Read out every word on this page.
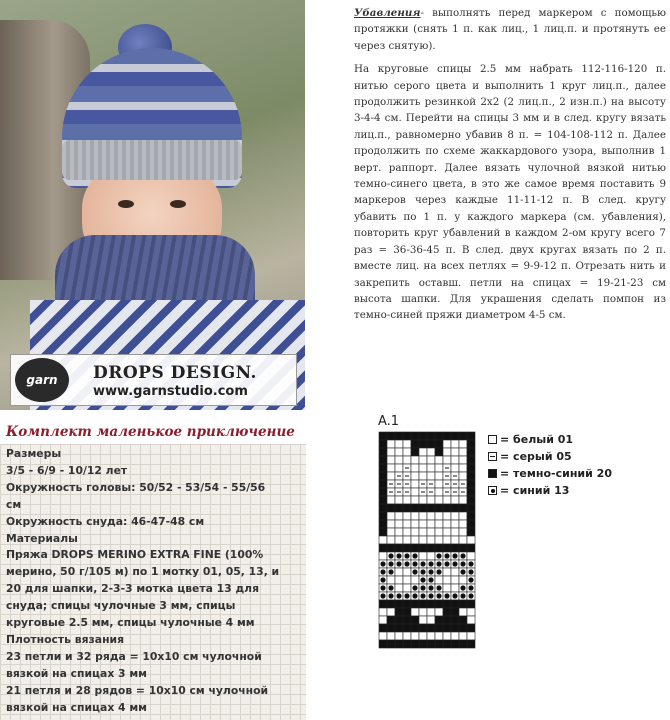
garn	DROPS DESIGN.
www.garnstudio.com

Убавления- выполнять перед маркером с помощью протяжки (снять 1 п. как лиц., 1 лиц.п. и протянуть ее через снятую).

На круговые спицы 2.5 мм набрать 112-116-120 п. нитью серого цвета и выполнить 1 круг лиц.п., далее продолжить резинкой 2х2 (2 лиц.п., 2 изн.п.) на высоту 3-4-4 см. Перейти на спицы 3 мм и в след. кругу вязать лиц.п., равномерно убавив 8 п. = 104-108-112 п. Далее продолжить по схеме жаккардового узора, выполнив 1 верт. раппорт. Далее вязать чулочной вязкой нитью темно-синего цвета, в это же самое время поставить 9 маркеров через каждые 11-11-12 п. В след. кругу убавить по 1 п. у каждого маркера (см. убавления), повторить круг убавлений в каждом 2-ом кругу всего 7 раз = 36-36-45 п. В след. двух кругах вязать по 2 п. вместе лиц. на всех петлях = 9-9-12 п. Отрезать нить и закрепить оставш. петли на спицах = 19-21-23 см высота шапки. Для украшения сделать помпон из темно-синей пряжи диаметром 4-5 см.

Комплект маленькое приключение
Размеры
3/5 - 6/9 - 10/12 лет
Окружность головы: 50/52 - 53/54 - 55/56
см
Окружность снуда: 46-47-48 см
Материалы
Пряжа DROPS MERINO EXTRA FINE (100%
мерино, 50 г/105 м) по 1 мотку 01, 05, 13, и
20 для шапки, 2-3-3 мотка цвета 13 для
снуда; спицы чулочные 3 мм, спицы
круговые 2.5 мм, спицы чулочные 4 мм
Плотность вязания
23 петли и 32 ряда = 10х10 см чулочной
вязкой на спицах 3 мм
21 петля и 28 рядов = 10х10 см чулочной
вязкой на спицах 4 мм
A.1
= белый 01
= серый 05
= темно-синий 20
= синий 13
